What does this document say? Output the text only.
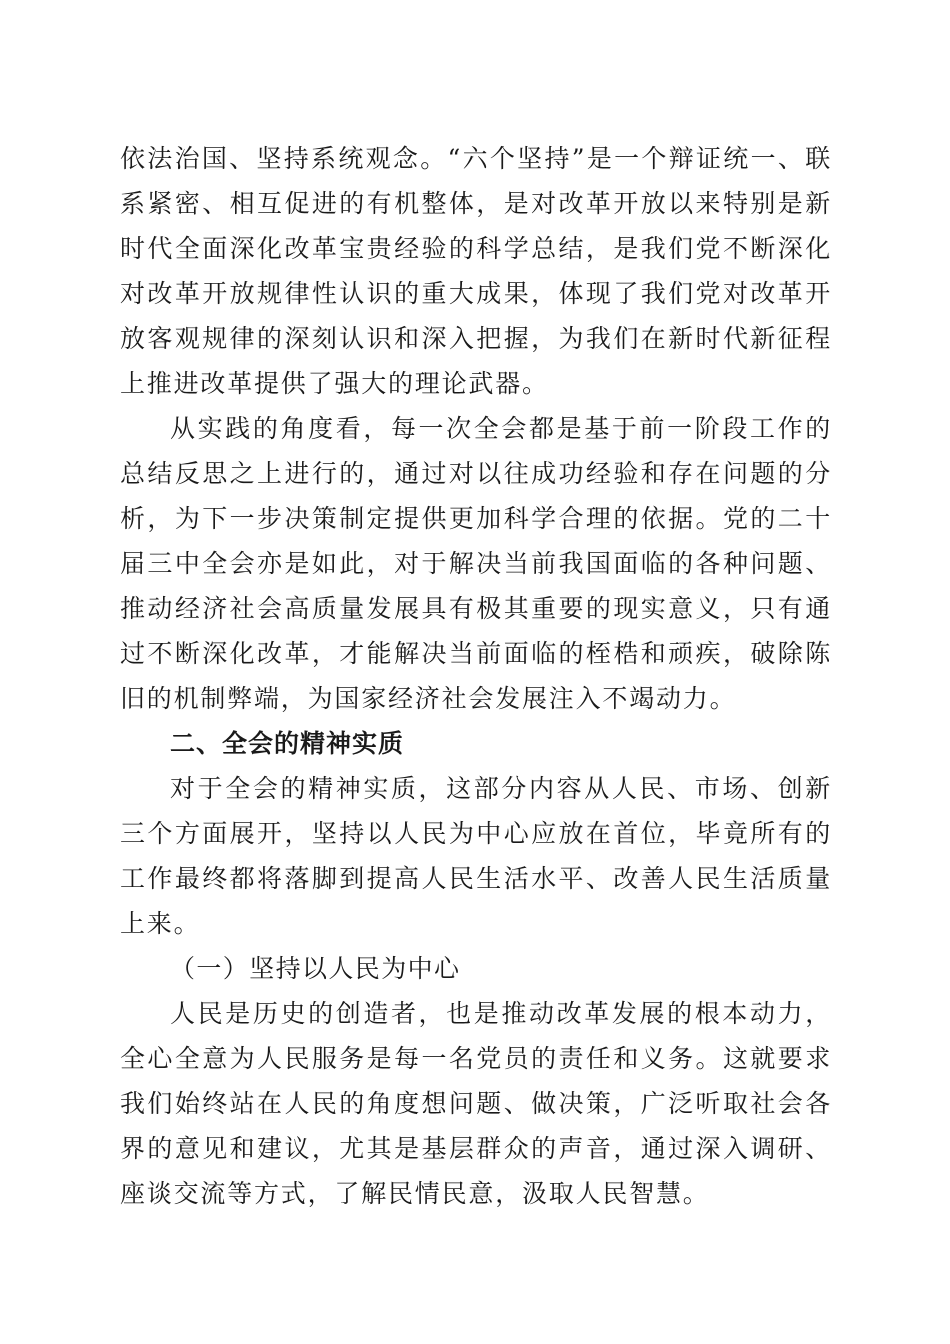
依法治国、坚持系统观念。“六个坚持”是一个辩证统一、联系紧密、相互促进的有机整体，是对改革开放以来特别是新时代全面深化改革宝贵经验的科学总结，是我们党不断深化对改革开放规律性认识的重大成果，体现了我们党对改革开放客观规律的深刻认识和深入把握，为我们在新时代新征程上推进改革提供了强大的理论武器。

从实践的角度看，每一次全会都是基于前一阶段工作的总结反思之上进行的，通过对以往成功经验和存在问题的分析，为下一步决策制定提供更加科学合理的依据。党的二十届三中全会亦是如此，对于解决当前我国面临的各种问题、推动经济社会高质量发展具有极其重要的现实意义，只有通过不断深化改革，才能解决当前面临的桎梏和顽疾，破除陈旧的机制弊端，为国家经济社会发展注入不竭动力。

二、全会的精神实质

对于全会的精神实质，这部分内容从人民、市场、创新三个方面展开，坚持以人民为中心应放在首位，毕竟所有的工作最终都将落脚到提高人民生活水平、改善人民生活质量上来。

（一）坚持以人民为中心

人民是历史的创造者，也是推动改革发展的根本动力，全心全意为人民服务是每一名党员的责任和义务。这就要求我们始终站在人民的角度想问题、做决策，广泛听取社会各界的意见和建议，尤其是基层群众的声音，通过深入调研、座谈交流等方式，了解民情民意，汲取人民智慧。
